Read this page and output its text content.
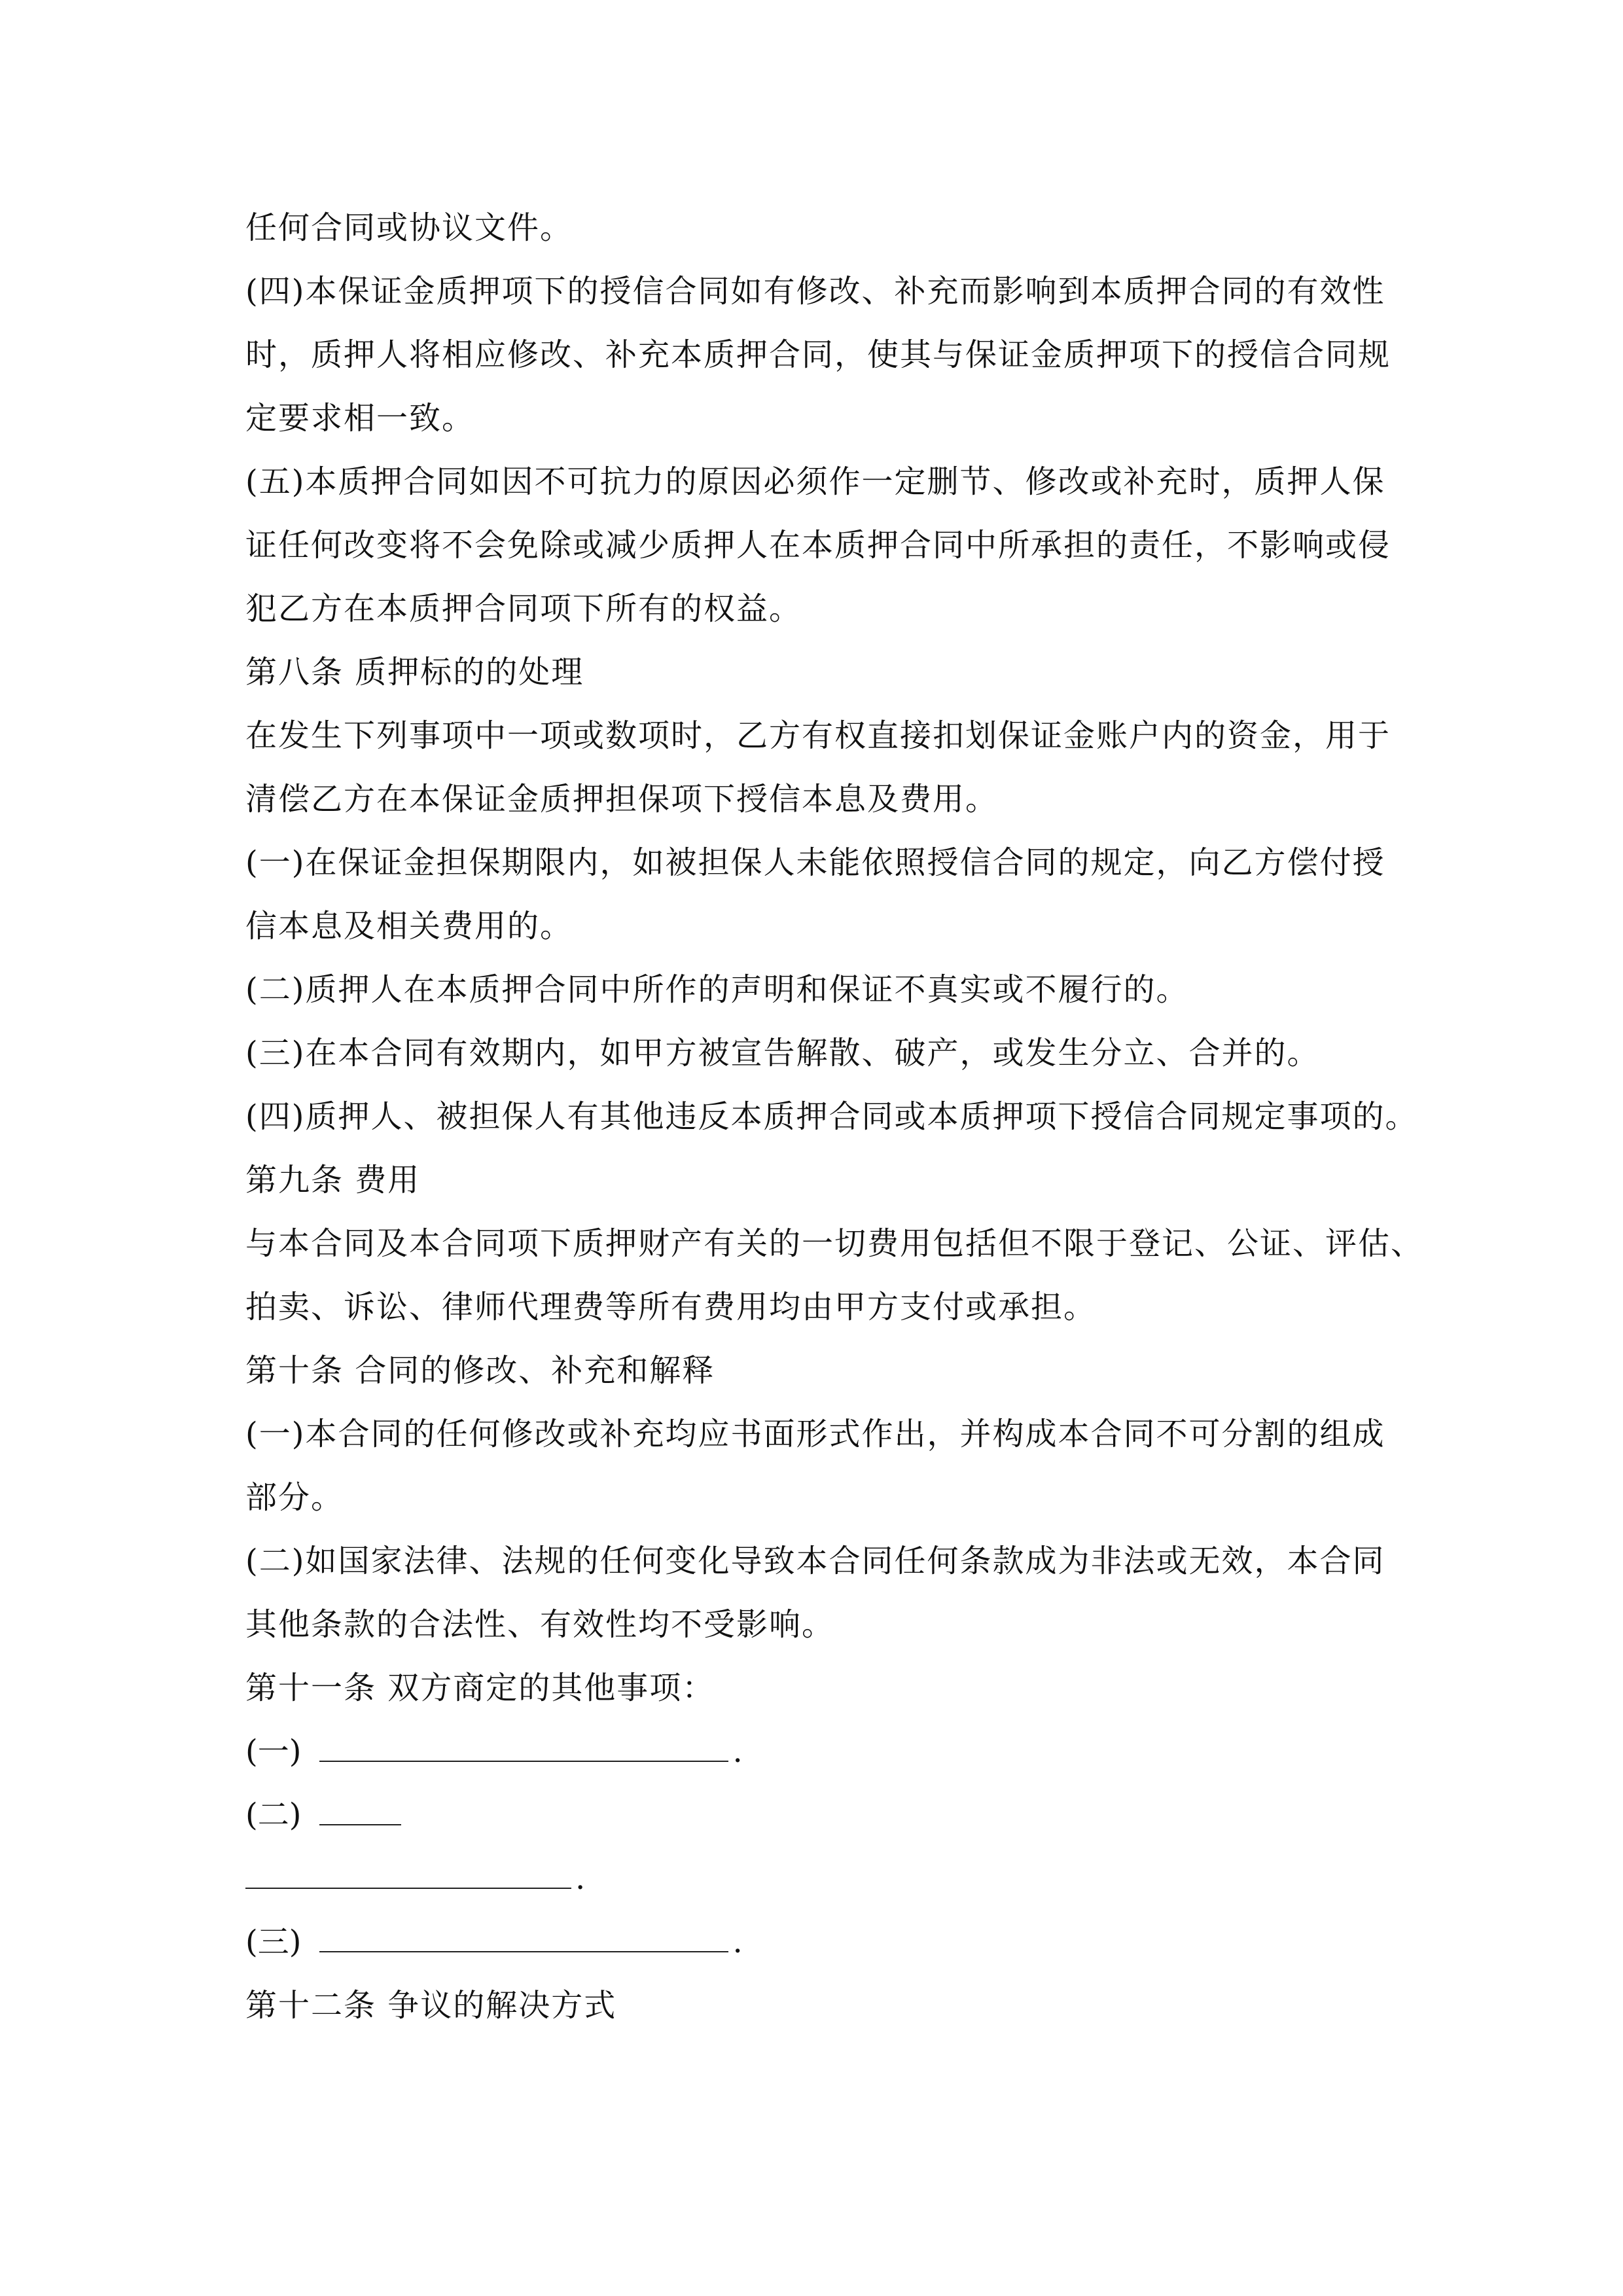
任何合同或协议文件。
(四)本保证金质押项下的授信合同如有修改、补充而影响到本质押合同的有效性
时，质押人将相应修改、补充本质押合同，使其与保证金质押项下的授信合同规
定要求相一致。
(五)本质押合同如因不可抗力的原因必须作一定删节、修改或补充时，质押人保
证任何改变将不会免除或减少质押人在本质押合同中所承担的责任，不影响或侵
犯乙方在本质押合同项下所有的权益。
第八条 质押标的的处理
在发生下列事项中一项或数项时，乙方有权直接扣划保证金账户内的资金，用于
清偿乙方在本保证金质押担保项下授信本息及费用。
(一)在保证金担保期限内，如被担保人未能依照授信合同的规定，向乙方偿付授
信本息及相关费用的。
(二)质押人在本质押合同中所作的声明和保证不真实或不履行的。
(三)在本合同有效期内，如甲方被宣告解散、破产，或发生分立、合并的。
(四)质押人、被担保人有其他违反本质押合同或本质押项下授信合同规定事项的。
第九条 费用
与本合同及本合同项下质押财产有关的一切费用包括但不限于登记、公证、评估、
拍卖、诉讼、律师代理费等所有费用均由甲方支付或承担。
第十条 合同的修改、补充和解释
(一)本合同的任何修改或补充均应书面形式作出，并构成本合同不可分割的组成
部分。
(二)如国家法律、法规的任何变化导致本合同任何条款成为非法或无效，本合同
其他条款的合法性、有效性均不受影响。
第十一条 双方商定的其他事项：
(一)	.
(二)
.
(三)	.
第十二条 争议的解决方式
